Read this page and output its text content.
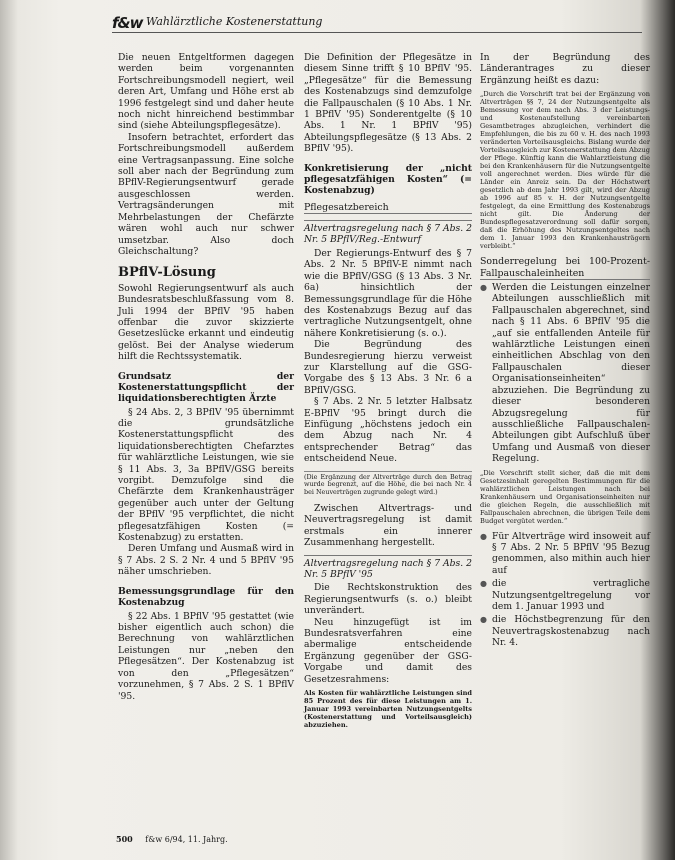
f&w Wahlärztliche Kostenerstattung

Die neuen Entgeltformen dagegen werden beim vorgenannten Fortschreibungsmodell negiert, weil deren Art, Umfang und Höhe erst ab 1996 festgelegt sind und daher heute noch nicht hinreichend bestimmbar sind (siehe Abteilungspflegesätze).

Insofern betrachtet, erfordert das Fortschreibungsmodell außerdem eine Vertragsanpassung. Eine solche soll aber nach der Begründung zum BPflV-Regierungsentwurf gerade ausgeschlossen werden. Vertragsänderungen mit Mehrbelastungen der Chefärzte wären wohl auch nur schwer umsetzbar. Also doch Gleichschaltung?

BPflV-Lösung

Sowohl Regierungsentwurf als auch Bundesratsbeschlußfassung vom 8. Juli 1994 der BPflV '95 haben offenbar die zuvor skizzierte Gesetzeslücke erkannt und eindeutig gelöst. Bei der Analyse wiederum hilft die Rechtssystematik.

Grundsatz der Kostenerstattungspflicht der liquidationsberechtigten Ärzte

§ 24 Abs. 2, 3 BPflV '95 übernimmt die grundsätzliche Kostenerstattungspflicht des liquidationsberechtigten Chefarztes für wahlärztliche Leistungen, wie sie § 11 Abs. 3, 3a BPflV/GSG bereits vorgibt. Demzufolge sind die Chefärzte dem Krankenhausträger gegenüber auch unter der Geltung der BPflV '95 verpflichtet, die nicht pflegesatzfähigen Kosten (= Kostenabzug) zu erstatten.

Deren Umfang und Ausmaß wird in § 7 Abs. 2 S. 2 Nr. 4 und 5 BPflV '95 näher umschrieben.

Bemessungsgrundlage für den Kostenabzug

§ 22 Abs. 1 BPflV '95 gestattet (wie bisher eigentlich auch schon) die Berechnung von wahlärztlichen Leistungen nur „neben den Pflegesätzen“. Der Kostenabzug ist von den „Pflegesätzen“ vorzunehmen, § 7 Abs. 2 S. 1 BPflV '95.

Die Definition der Pflegesätze in diesem Sinne trifft § 10 BPflV '95. „Pflegesätze“ für die Bemessung des Kostenabzugs sind demzufolge die Fallpauschalen (§ 10 Abs. 1 Nr. 1 BPflV '95) Sonderentgelte (§ 10 Abs. 1 Nr. 1 BPflV '95) Abteilungspflegesätze (§ 13 Abs. 2 BPflV '95).

Konkretisierung der „nicht pflegesatzfähigen Kosten“ (= Kostenabzug)
Pflegesatzbereich
Altvertragsregelung nach § 7 Abs. 2 Nr. 5 BPflV/Reg.-Entwurf

Der Regierungs-Entwurf des § 7 Abs. 2 Nr. 5 BPflV-E nimmt nach wie die BPflV/GSG (§ 13 Abs. 3 Nr. 6a) hinsichtlich der Bemessungsgrundlage für die Höhe des Kostenabzugs Bezug auf das vertragliche Nutzungsentgelt, ohne nähere Konkretisierung (s. o.).

Die Begründung des Bundesregierung hierzu verweist zur Klarstellung auf die GSG-Vorgabe des § 13 Abs. 3 Nr. 6 a BPflV/GSG.

§ 7 Abs. 2 Nr. 5 letzter Halbsatz E-BPflV '95 bringt durch die Einfügung „höchstens jedoch ein dem Abzug nach Nr. 4 entsprechender Betrag“ das entscheidend Neue.

(Die Ergänzung der Altverträge durch den Betrag wurde begrenzt, auf die Höhe, die bei nach Nr. 4 bei Neuverträgen zugrunde gelegt wird.)

Zwischen Altvertrags- und Neuvertragsregelung ist damit erstmals ein innerer Zusammenhang hergestellt.

Altvertragsregelung nach § 7 Abs. 2 Nr. 5 BPflV '95

Die Rechtskonstruktion des Regierungsentwurfs (s. o.) bleibt unverändert.

Neu hinzugefügt ist im Bundesratsverfahren eine abermalige entscheidende Ergänzung gegenüber der GSG-Vorgabe und damit des Gesetzesrahmens:

Als Kosten für wahlärztliche Leistungen sind 85 Prozent des für diese Leistungen am 1. Januar 1993 vereinbarten Nutzungsentgelts (Kostenerstattung und Vorteilsausgleich) abzuziehen.

In der Begründung des Länderantrages zu dieser Ergänzung heißt es dazu:

„Durch die Vorschrift trat bei der Ergänzung von Altverträgen §§ 7, 24 der Nutzungsentgelte als Bemessung vor dem nach Abs. 3 der Leistungs- und Kostenaufstellung vereinbarten Gesamtbetrages abzugleichen, verhindert die Empfehlungen, die bis zu 60 v. H. des nach 1993 veränderten Vorteilsausgleichs. Bislang wurde der Vorteilsausgleich zur Kostenerstattung dem Abzug der Pflege. Künftig kann die Wahlarztleistung die bei den Krankenhäusern für die Nutzungsentgelte voll angerechnet werden. Dies würde für die Länder ein Anreiz sein. Da der Höchstwert gesetzlich ab dem Jahr 1993 gilt, wird der Abzug ab 1996 auf 85 v. H. der Nutzungsentgelte festgelegt, da eine Ermittlung des Kostenabzugs nicht gilt. Die Änderung der Bundespflegesatzverordnung soll dafür sorgen, daß die Erhöhung des Nutzungsentgeltes nach dem 1. Januar 1993 den Krankenhausträgern verbleibt.“
Sonderregelung bei 100-Prozent-Fallpauschaleinheiten
● Werden die Leistungen einzelner Abteilungen ausschließlich mit Fallpauschalen abgerechnet, sind nach § 11 Abs. 6 BPflV '95 die „auf sie entfallenden Anteile für wahlärztliche Leistungen einen einheitlichen Abschlag von den Fallpauschalen dieser Organisationseinheiten“ abzuziehen. Die Begründung zu dieser besonderen Abzugsregelung für ausschließliche Fallpauschalen-Abteilungen gibt Aufschluß über Umfang und Ausmaß von dieser Regelung.
„Die Vorschrift stellt sicher, daß die mit dem Gesetzesinhalt geregelten Bestimmungen für die wahlärztlichen Leistungen nach bei Krankenhäusern und Organisationseinheiten nur die gleichen Regeln, die ausschließlich mit Fallpauschalen abrechnen, die übrigen Teile dem Budget vergütet werden.“
● Für Altverträge wird insoweit auf § 7 Abs. 2 Nr. 5 BPflV '95 Bezug genommen, also mithin auch hier auf
● die vertragliche Nutzungsentgeltregelung vor dem 1. Januar 1993 und
● die Höchstbegrenzung für den Neuvertragskostenabzug nach Nr. 4.
500 f&w 6/94, 11. Jahrg.
